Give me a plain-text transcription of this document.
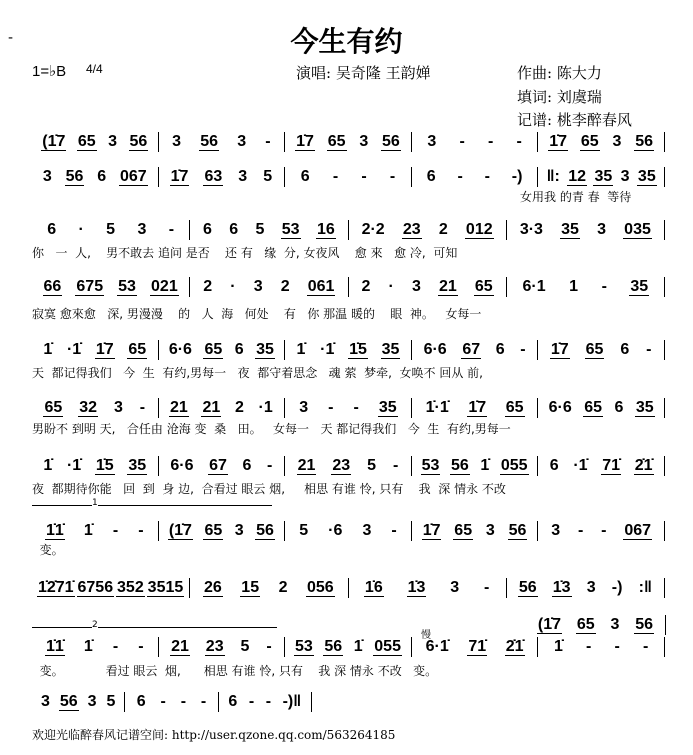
-	今生有约
1=♭B 4/4	演唱: 吴奇隆 王韵婵	作曲: 陈大力
填词: 刘虞瑞
记谱: 桃李醉春风
慢
1
2
(1̇7 65 3 56 3 56 3 - 1̇7 65 3 56 3 - - - 1̇7 65 3 56
3 56 6 067 1̇7 63 3 5 6 - - - 6 - - -) ‖: 12 35 3 35
女用我 的青 春  等待
6 · 5 3 - 6 6 5 53 16 2·2 23 2 012 3·3 35 3 035
你   一  人,    男不敢去 追问 是否    还 有   缘  分, 女夜风    愈 來   愈 冷,  可知
66 675 53 021 2 · 3 2 061 2 · 3 21 65 6·1 1 - 35
寂寞 愈來愈   深, 男漫漫    的   人  海   何处    有   你 那温 暖的    眼  神。   女每一
1̇ ·1̇ 1̇7 65 6·6 65 6 35 1̇ ·1̇ 1̇5 35 6·6 67 6 - 1̇7 65 6 -
天  都记得我们   今  生  有约,男每一   夜  都守着思念   魂 萦  梦牵,  女唤不 回从 前,
65 32 3 - 21 21 2 ·1 3 - - 35 1̇·1̇ 1̇7 65 6·6 65 6 35
男盼不 到明 天,   合任由 沧海 变  桑   田。   女每一   天 都记得我们   今  生  有约,男每一
1̇ ·1̇ 1̇5 35 6·6 67 6 - 21 23 5 - 53 56 1̇ 055 6 ·1̇ 71̇ 2̇1̇
夜  都期待你能   回  到  身 边,  合看过 眼云 烟,     相思 有谁 怜, 只有    我  深 情永 不改
1̇1̇ 1̇ - - (1̇7 65 3 56 5 ·6 3 - 1̇7 65 3 56 3 - - 067
变。
1̇2̇71̇ 6756 352 3515 26 15 2 056 1̇6 1̇3 3 - 56 1̇3 3 -) :‖
(1̇7 65 3 56
1̇1̇ 1̇ - - 21 23 5 - 53 56 1̇ 055 6·1̇ 71̇ 2̇1̇ 1̇ - - -
变。           看过 眼云  烟,      相思 有谁 怜, 只有    我 深 情永 不改   变。
3 56 3 5 6 - - - 6 - - -)‖
欢迎光临醉春风记谱空间: http://user.qzone.qq.com/563264185
